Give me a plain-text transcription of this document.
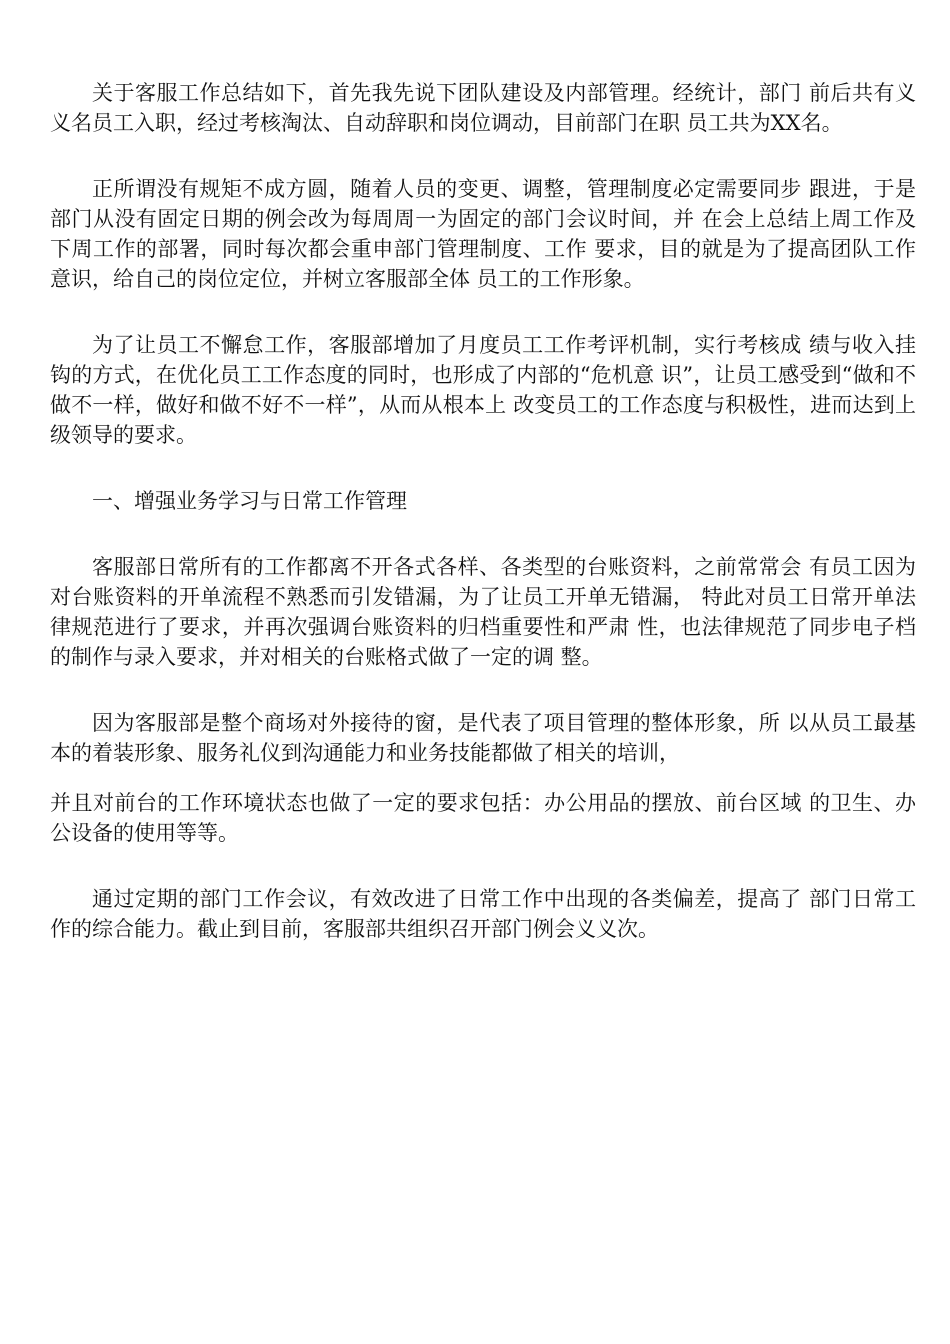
关于客服工作总结如下，首先我先说下团队建设及内部管理。经统计，部门 前后共有义义名员工入职，经过考核淘汰、自动辞职和岗位调动，目前部门在职 员工共为XX名。

正所谓没有规矩不成方圆，随着人员的变更、调整，管理制度必定需要同步 跟进，于是部门从没有固定日期的例会改为每周周一为固定的部门会议时间，并 在会上总结上周工作及下周工作的部署，同时每次都会重申部门管理制度、工作 要求，目的就是为了提高团队工作意识，给自己的岗位定位，并树立客服部全体 员工的工作形象。

为了让员工不懈怠工作，客服部增加了月度员工工作考评机制，实行考核成 绩与收入挂钩的方式，在优化员工工作态度的同时，也形成了内部的“危机意 识”，让员工感受到“做和不做不一样，做好和做不好不一样”，从而从根本上 改变员工的工作态度与积极性，进而达到上级领导的要求。

一、增强业务学习与日常工作管理

客服部日常所有的工作都离不开各式各样、各类型的台账资料，之前常常会 有员工因为对台账资料的开单流程不熟悉而引发错漏，为了让员工开单无错漏， 特此对员工日常开单法律规范进行了要求，并再次强调台账资料的归档重要性和严肃 性，也法律规范了同步电子档的制作与录入要求，并对相关的台账格式做了一定的调 整。

因为客服部是整个商场对外接待的窗，是代表了项目管理的整体形象，所 以从员工最基本的着装形象、服务礼仪到沟通能力和业务技能都做了相关的培训，

并且对前台的工作环境状态也做了一定的要求包括：办公用品的摆放、前台区域 的卫生、办公设备的使用等等。

通过定期的部门工作会议，有效改进了日常工作中出现的各类偏差，提高了 部门日常工作的综合能力。截止到目前，客服部共组织召开部门例会义义次。
